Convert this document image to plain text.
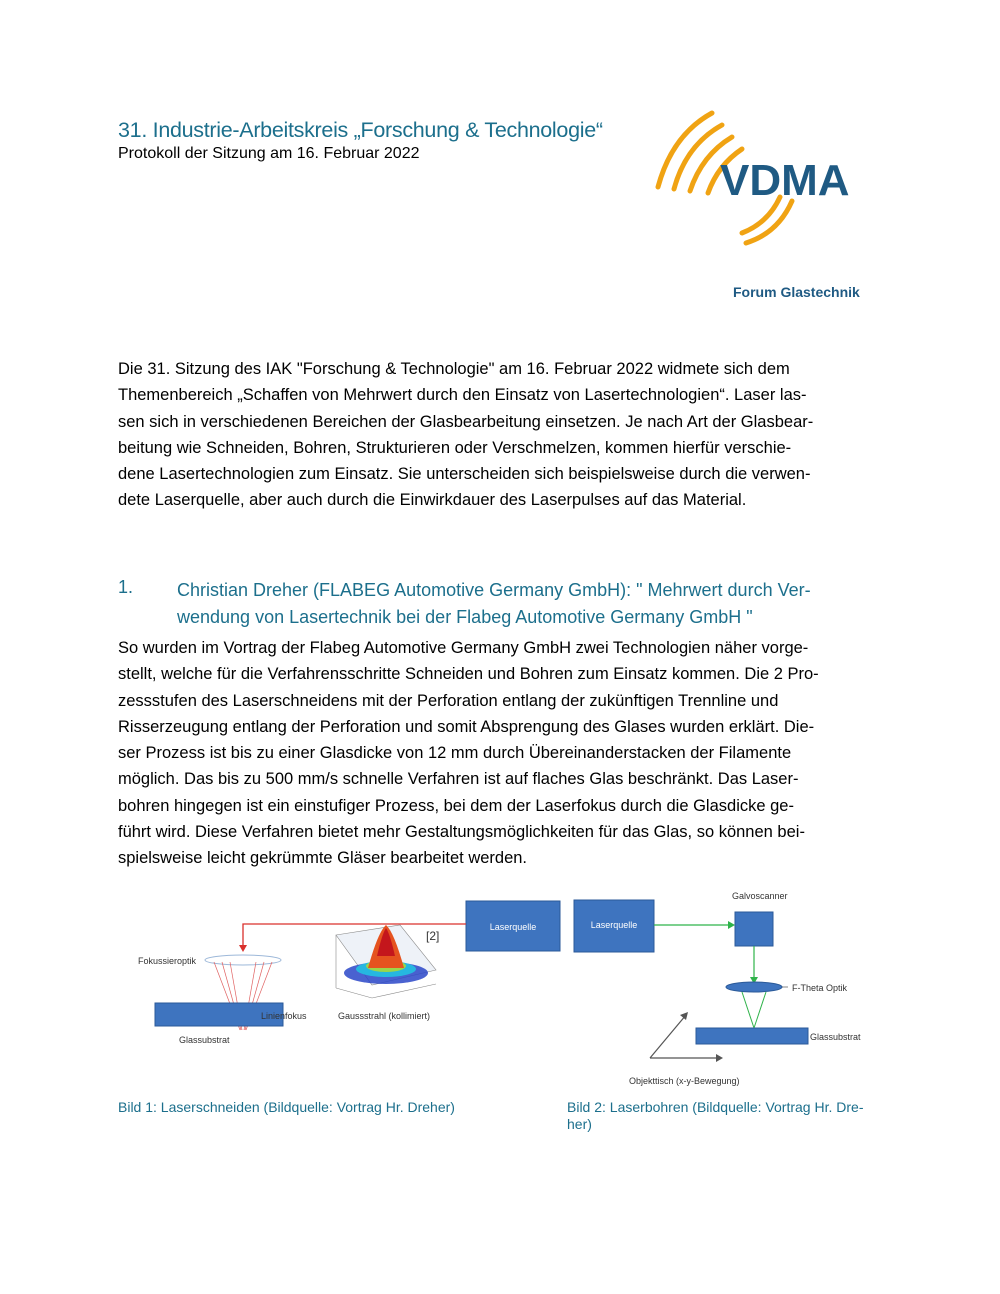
31. Industrie-Arbeitskreis „Forschung & Technologie“
Protokoll der Sitzung am 16. Februar 2022
VDMA
Forum Glastechnik
Die 31. Sitzung des IAK "Forschung & Technologie" am 16. Februar 2022 widmete sich dem
Themenbereich „Schaffen von Mehrwert durch den Einsatz von Lasertechnologien“. Laser las-
sen sich in verschiedenen Bereichen der Glasbearbeitung einsetzen. Je nach Art der Glasbear-
beitung wie Schneiden, Bohren, Strukturieren oder Verschmelzen, kommen hierfür verschie-
dene Lasertechnologien zum Einsatz. Sie unterscheiden sich beispielsweise durch die verwen-
dete Laserquelle, aber auch durch die Einwirkdauer des Laserpulses auf das Material.
1. Christian Dreher (FLABEG Automotive Germany GmbH): " Mehrwert durch Ver-
wendung von Lasertechnik bei der Flabeg Automotive Germany GmbH "
So wurden im Vortrag der Flabeg Automotive Germany GmbH zwei Technologien näher vorge-
stellt, welche für die Verfahrensschritte Schneiden und Bohren zum Einsatz kommen. Die 2 Pro-
zessstufen des Laserschneidens mit der Perforation entlang der zukünftigen Trennline und
Risserzeugung entlang der Perforation und somit Absprengung des Glases wurden erklärt. Die-
ser Prozess ist bis zu einer Glasdicke von 12 mm durch Übereinanderstacken der Filamente
möglich. Das bis zu 500 mm/s schnelle Verfahren ist auf flaches Glas beschränkt. Das Laser-
bohren hingegen ist ein einstufiger Prozess, bei dem der Laserfokus durch die Glasdicke ge-
führt wird. Diese Verfahren bietet mehr Gestaltungsmöglichkeiten für das Glas, so können bei-
spielsweise leicht gekrümmte Gläser bearbeitet werden.
Laserquelle
Fokussieroptik
Linienfokus
Glassubstrat
[2]
Gaussstrahl (kollimiert)
Laserquelle
Galvoscanner
F-Theta Optik
Glassubstrat
Objekttisch (x-y-Bewegung)
Bild 1: Laserschneiden (Bildquelle: Vortrag Hr. Dreher)	Bild 2: Laserbohren (Bildquelle: Vortrag Hr. Dre-
her)
